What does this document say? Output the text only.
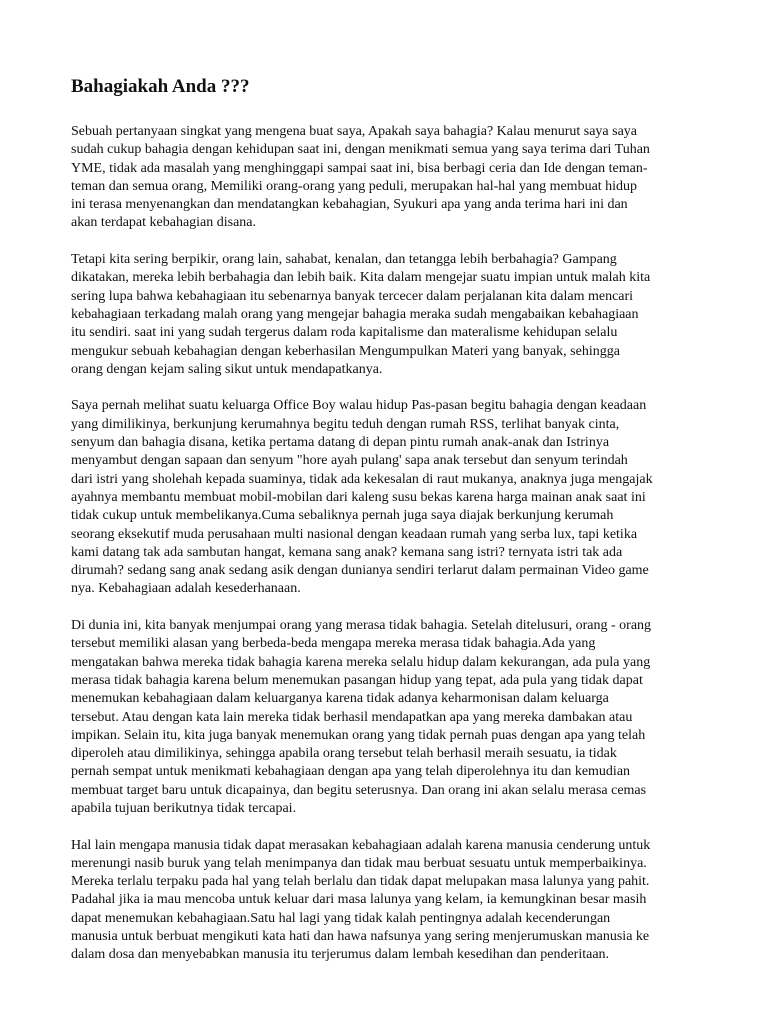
Bahagiakah Anda ???

Sebuah pertanyaan singkat yang mengena buat saya, Apakah saya bahagia? Kalau menurut saya saya
sudah cukup bahagia dengan kehidupan saat ini, dengan menikmati semua yang saya terima dari Tuhan
YME, tidak ada masalah yang menghinggapi sampai saat ini, bisa berbagi ceria dan Ide dengan teman-
teman dan semua orang, Memiliki orang-orang yang peduli, merupakan hal-hal yang membuat hidup
ini terasa menyenangkan dan mendatangkan kebahagian, Syukuri apa yang anda terima hari ini dan
akan terdapat kebahagian disana.

Tetapi kita sering berpikir, orang lain, sahabat, kenalan, dan tetangga lebih berbahagia? Gampang
dikatakan, mereka lebih berbahagia dan lebih baik. Kita dalam mengejar suatu impian untuk malah kita
sering lupa bahwa kebahagiaan itu sebenarnya banyak tercecer dalam perjalanan kita dalam mencari
kebahagiaan terkadang malah orang yang mengejar bahagia meraka sudah mengabaikan kebahagiaan
itu sendiri. saat ini yang sudah tergerus dalam roda kapitalisme dan materalisme kehidupan selalu
mengukur sebuah kebahagian dengan keberhasilan Mengumpulkan Materi yang banyak, sehingga
orang dengan kejam saling sikut untuk mendapatkanya.

Saya pernah melihat suatu keluarga Office Boy walau hidup Pas-pasan begitu bahagia dengan keadaan
yang dimilikinya, berkunjung kerumahnya begitu teduh dengan rumah RSS, terlihat banyak cinta,
senyum dan bahagia disana, ketika pertama datang di depan pintu rumah anak-anak dan Istrinya
menyambut dengan sapaan dan senyum "hore ayah pulang' sapa anak tersebut dan senyum terindah
dari istri yang sholehah kepada suaminya, tidak ada kekesalan di raut mukanya, anaknya juga mengajak
ayahnya membantu membuat mobil-mobilan dari kaleng susu bekas karena harga mainan anak saat ini
tidak cukup untuk membelikanya.Cuma sebaliknya pernah juga saya diajak berkunjung kerumah
seorang eksekutif muda perusahaan multi nasional dengan keadaan rumah yang serba lux, tapi ketika
kami datang tak ada sambutan hangat, kemana sang anak? kemana sang istri? ternyata istri tak ada
dirumah? sedang sang anak sedang asik dengan dunianya sendiri terlarut dalam permainan Video game
nya. Kebahagiaan adalah kesederhanaan.

Di dunia ini, kita banyak menjumpai orang yang merasa tidak bahagia. Setelah ditelusuri, orang - orang
tersebut memiliki alasan yang berbeda-beda mengapa mereka merasa tidak bahagia.Ada yang
mengatakan bahwa mereka tidak bahagia karena mereka selalu hidup dalam kekurangan, ada pula yang
merasa tidak bahagia karena belum menemukan pasangan hidup yang tepat, ada pula yang tidak dapat
menemukan kebahagiaan dalam keluarganya karena tidak adanya keharmonisan dalam keluarga
tersebut. Atau dengan kata lain mereka tidak berhasil mendapatkan apa yang mereka dambakan atau
impikan. Selain itu, kita juga banyak menemukan orang yang tidak pernah puas dengan apa yang telah
diperoleh atau dimilikinya, sehingga apabila orang tersebut telah berhasil meraih sesuatu, ia tidak
pernah sempat untuk menikmati kebahagiaan dengan apa yang telah diperolehnya itu dan kemudian
membuat target baru untuk dicapainya, dan begitu seterusnya. Dan orang ini akan selalu merasa cemas
apabila tujuan berikutnya tidak tercapai.

Hal lain mengapa manusia tidak dapat merasakan kebahagiaan adalah karena manusia cenderung untuk
merenungi nasib buruk yang telah menimpanya dan tidak mau berbuat sesuatu untuk memperbaikinya.
Mereka terlalu terpaku pada hal yang telah berlalu dan tidak dapat melupakan masa lalunya yang pahit.
Padahal jika ia mau mencoba untuk keluar dari masa lalunya yang kelam, ia kemungkinan besar masih
dapat menemukan kebahagiaan.Satu hal lagi yang tidak kalah pentingnya adalah kecenderungan
manusia untuk berbuat mengikuti kata hati dan hawa nafsunya yang sering menjerumuskan manusia ke
dalam dosa dan menyebabkan manusia itu terjerumus dalam lembah kesedihan dan penderitaan.
